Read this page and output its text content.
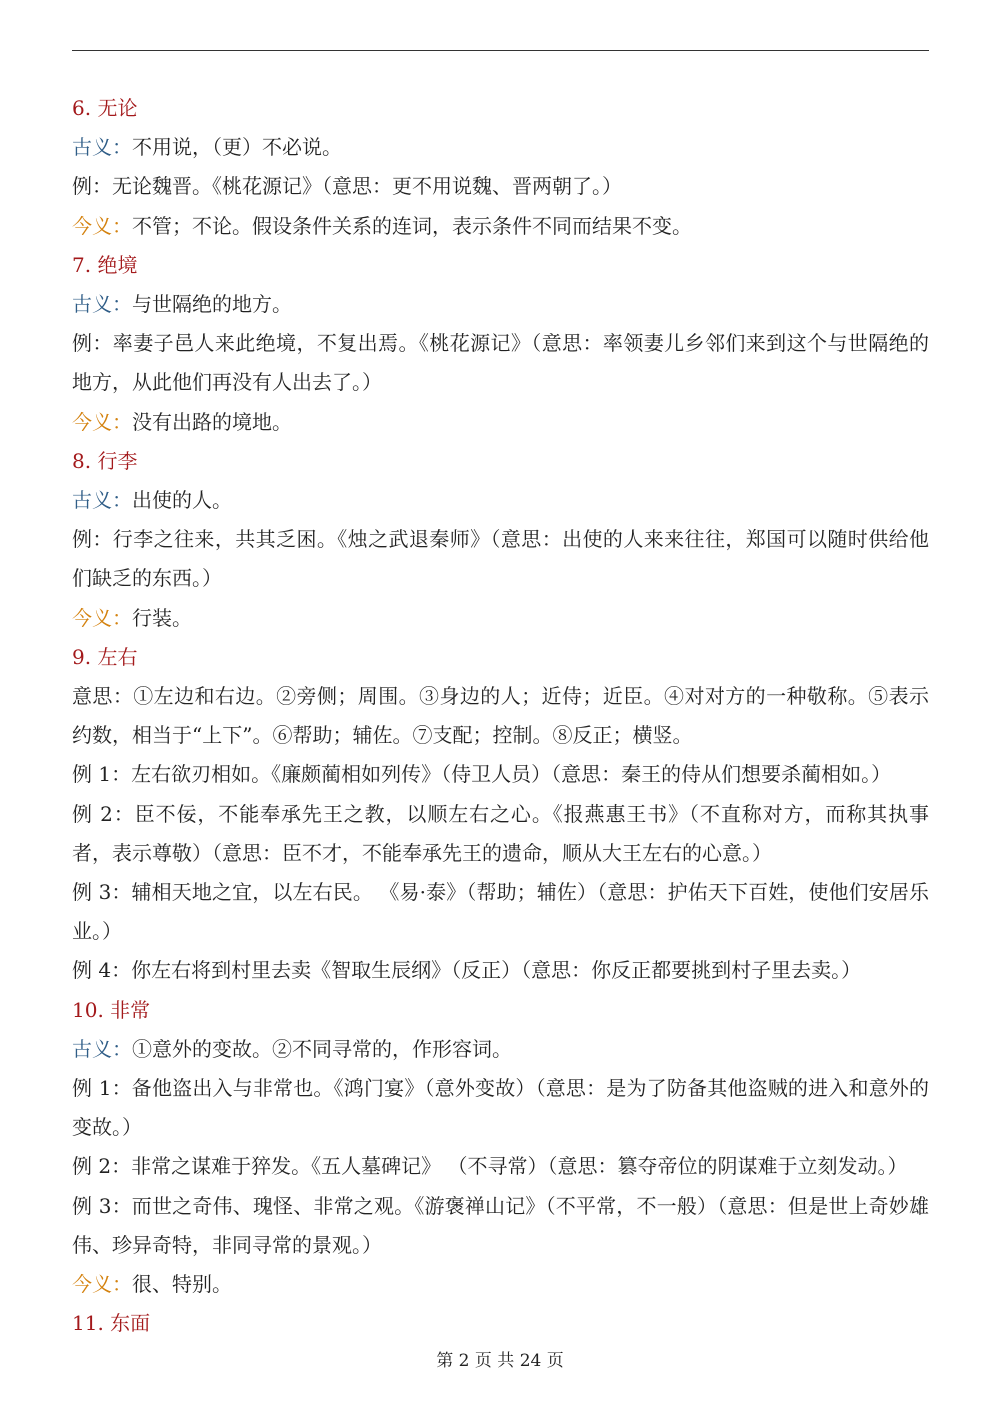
6. 无论

古义：不用说，（更）不必说。

例：无论魏晋。《桃花源记》（意思：更不用说魏、晋两朝了。）

今义：不管；不论。假设条件关系的连词，表示条件不同而结果不变。

7. 绝境

古义：与世隔绝的地方。

例：率妻子邑人来此绝境，不复出焉。《桃花源记》（意思：率领妻儿乡邻们来到这个与世隔绝的地方，从此他们再没有人出去了。）

今义：没有出路的境地。

8. 行李

古义：出使的人。

例：行李之往来，共其乏困。《烛之武退秦师》（意思：出使的人来来往往，郑国可以随时供给他们缺乏的东西。）

今义：行装。

9. 左右

意思：①左边和右边。②旁侧；周围。③身边的人；近侍；近臣。④对对方的一种敬称。⑤表示约数，相当于“上下”。⑥帮助；辅佐。⑦支配；控制。⑧反正；横竖。

例 1：左右欲刃相如。《廉颇蔺相如列传》（侍卫人员）（意思：秦王的侍从们想要杀蔺相如。）

例 2：臣不佞，不能奉承先王之教，以顺左右之心。《报燕惠王书》（不直称对方，而称其执事者，表示尊敬）（意思：臣不才，不能奉承先王的遗命，顺从大王左右的心意。）

例 3：辅相天地之宜，以左右民。 《易·泰》（帮助；辅佐）（意思：护佑天下百姓，使他们安居乐业。）

例 4：你左右将到村里去卖《智取生辰纲》（反正）（意思：你反正都要挑到村子里去卖。）

10. 非常

古义：①意外的变故。②不同寻常的，作形容词。

例 1：备他盗出入与非常也。《鸿门宴》（意外变故）（意思：是为了防备其他盗贼的进入和意外的变故。）

例 2：非常之谋难于猝发。《五人墓碑记》 （不寻常）（意思：篡夺帝位的阴谋难于立刻发动。）

例 3：而世之奇伟、瑰怪、非常之观。《游褒禅山记》（不平常，不一般）（意思：但是世上奇妙雄伟、珍异奇特，非同寻常的景观。）

今义：很、特别。

11. 东面

第 2 页 共 24 页
